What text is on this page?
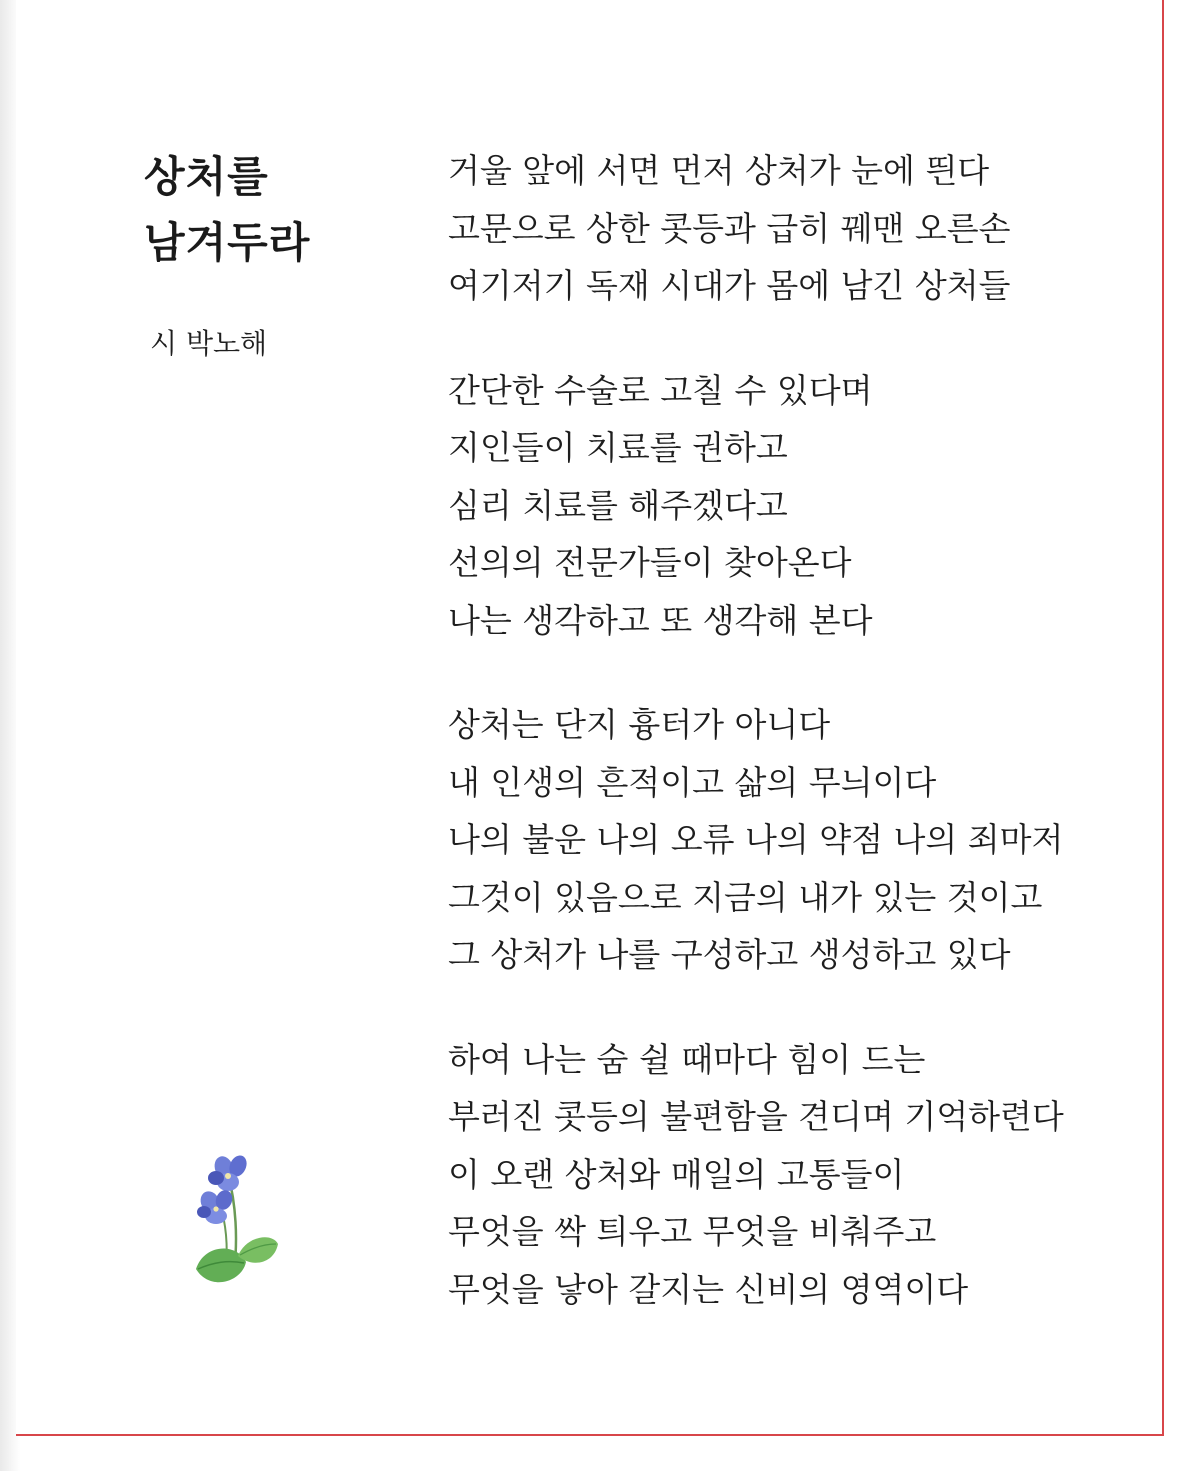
상처를
남겨두라
시 박노해
거울 앞에 서면 먼저 상처가 눈에 띈다
고문으로 상한 콧등과 급히 꿰맨 오른손
여기저기 독재 시대가 몸에 남긴 상처들
간단한 수술로 고칠 수 있다며
지인들이 치료를 권하고
심리 치료를 해주겠다고
선의의 전문가들이 찾아온다
나는 생각하고 또 생각해 본다
상처는 단지 흉터가 아니다
내 인생의 흔적이고 삶의 무늬이다
나의 불운 나의 오류 나의 약점 나의 죄마저
그것이 있음으로 지금의 내가 있는 것이고
그 상처가 나를 구성하고 생성하고 있다
하여 나는 숨 쉴 때마다 힘이 드는
부러진 콧등의 불편함을 견디며 기억하련다
이 오랜 상처와 매일의 고통들이
무엇을 싹 틔우고 무엇을 비춰주고
무엇을 낳아 갈지는 신비의 영역이다
